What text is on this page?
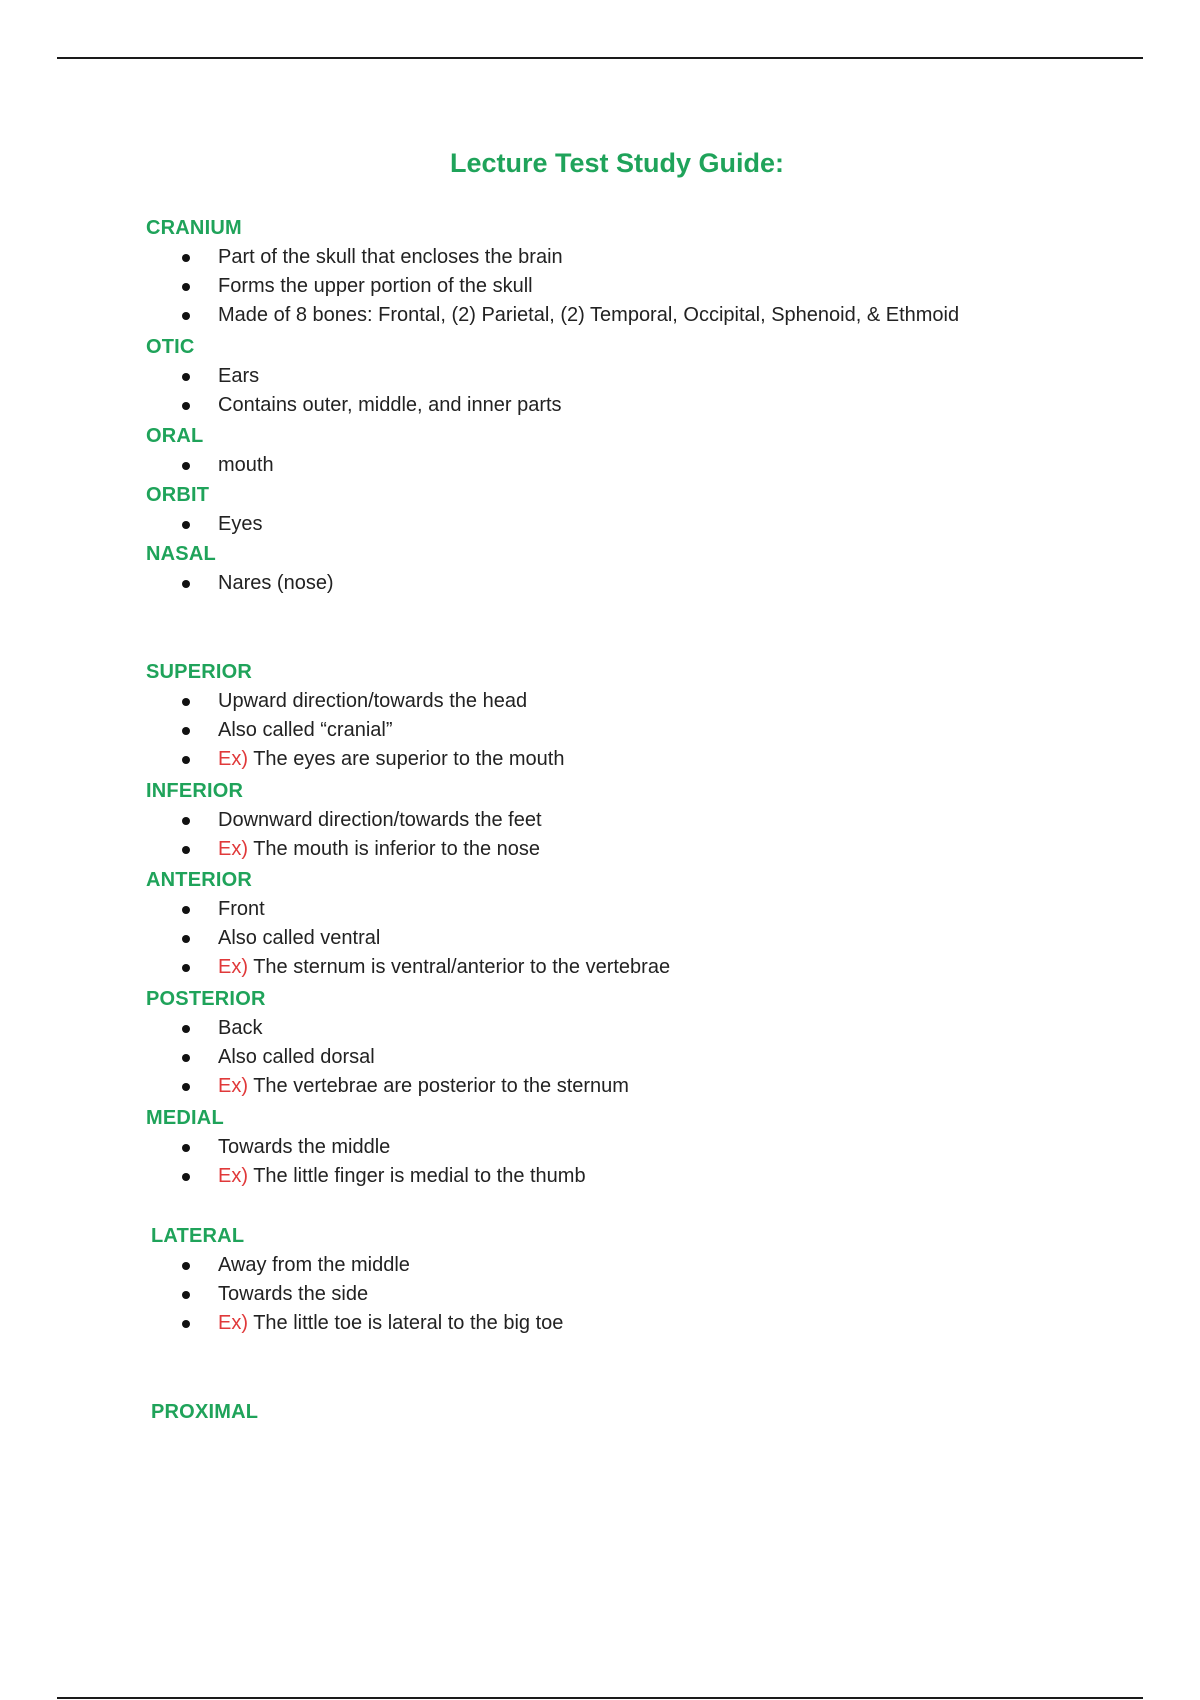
Lecture Test Study Guide:
CRANIUM
Part of the skull that encloses the brain
Forms the upper portion of the skull
Made of 8 bones: Frontal, (2) Parietal, (2) Temporal, Occipital, Sphenoid, & Ethmoid
OTIC
Ears
Contains outer, middle, and inner parts
ORAL
mouth
ORBIT
Eyes
NASAL
Nares (nose)
SUPERIOR
Upward direction/towards the head
Also called “cranial”
Ex) The eyes are superior to the mouth
INFERIOR
Downward direction/towards the feet
Ex) The mouth is inferior to the nose
ANTERIOR
Front
Also called ventral
Ex) The sternum is ventral/anterior to the vertebrae
POSTERIOR
Back
Also called dorsal
Ex) The vertebrae are posterior to the sternum
MEDIAL
Towards the middle
Ex) The little finger is medial to the thumb
LATERAL
Away from the middle
Towards the side
Ex) The little toe is lateral to the big toe
PROXIMAL
